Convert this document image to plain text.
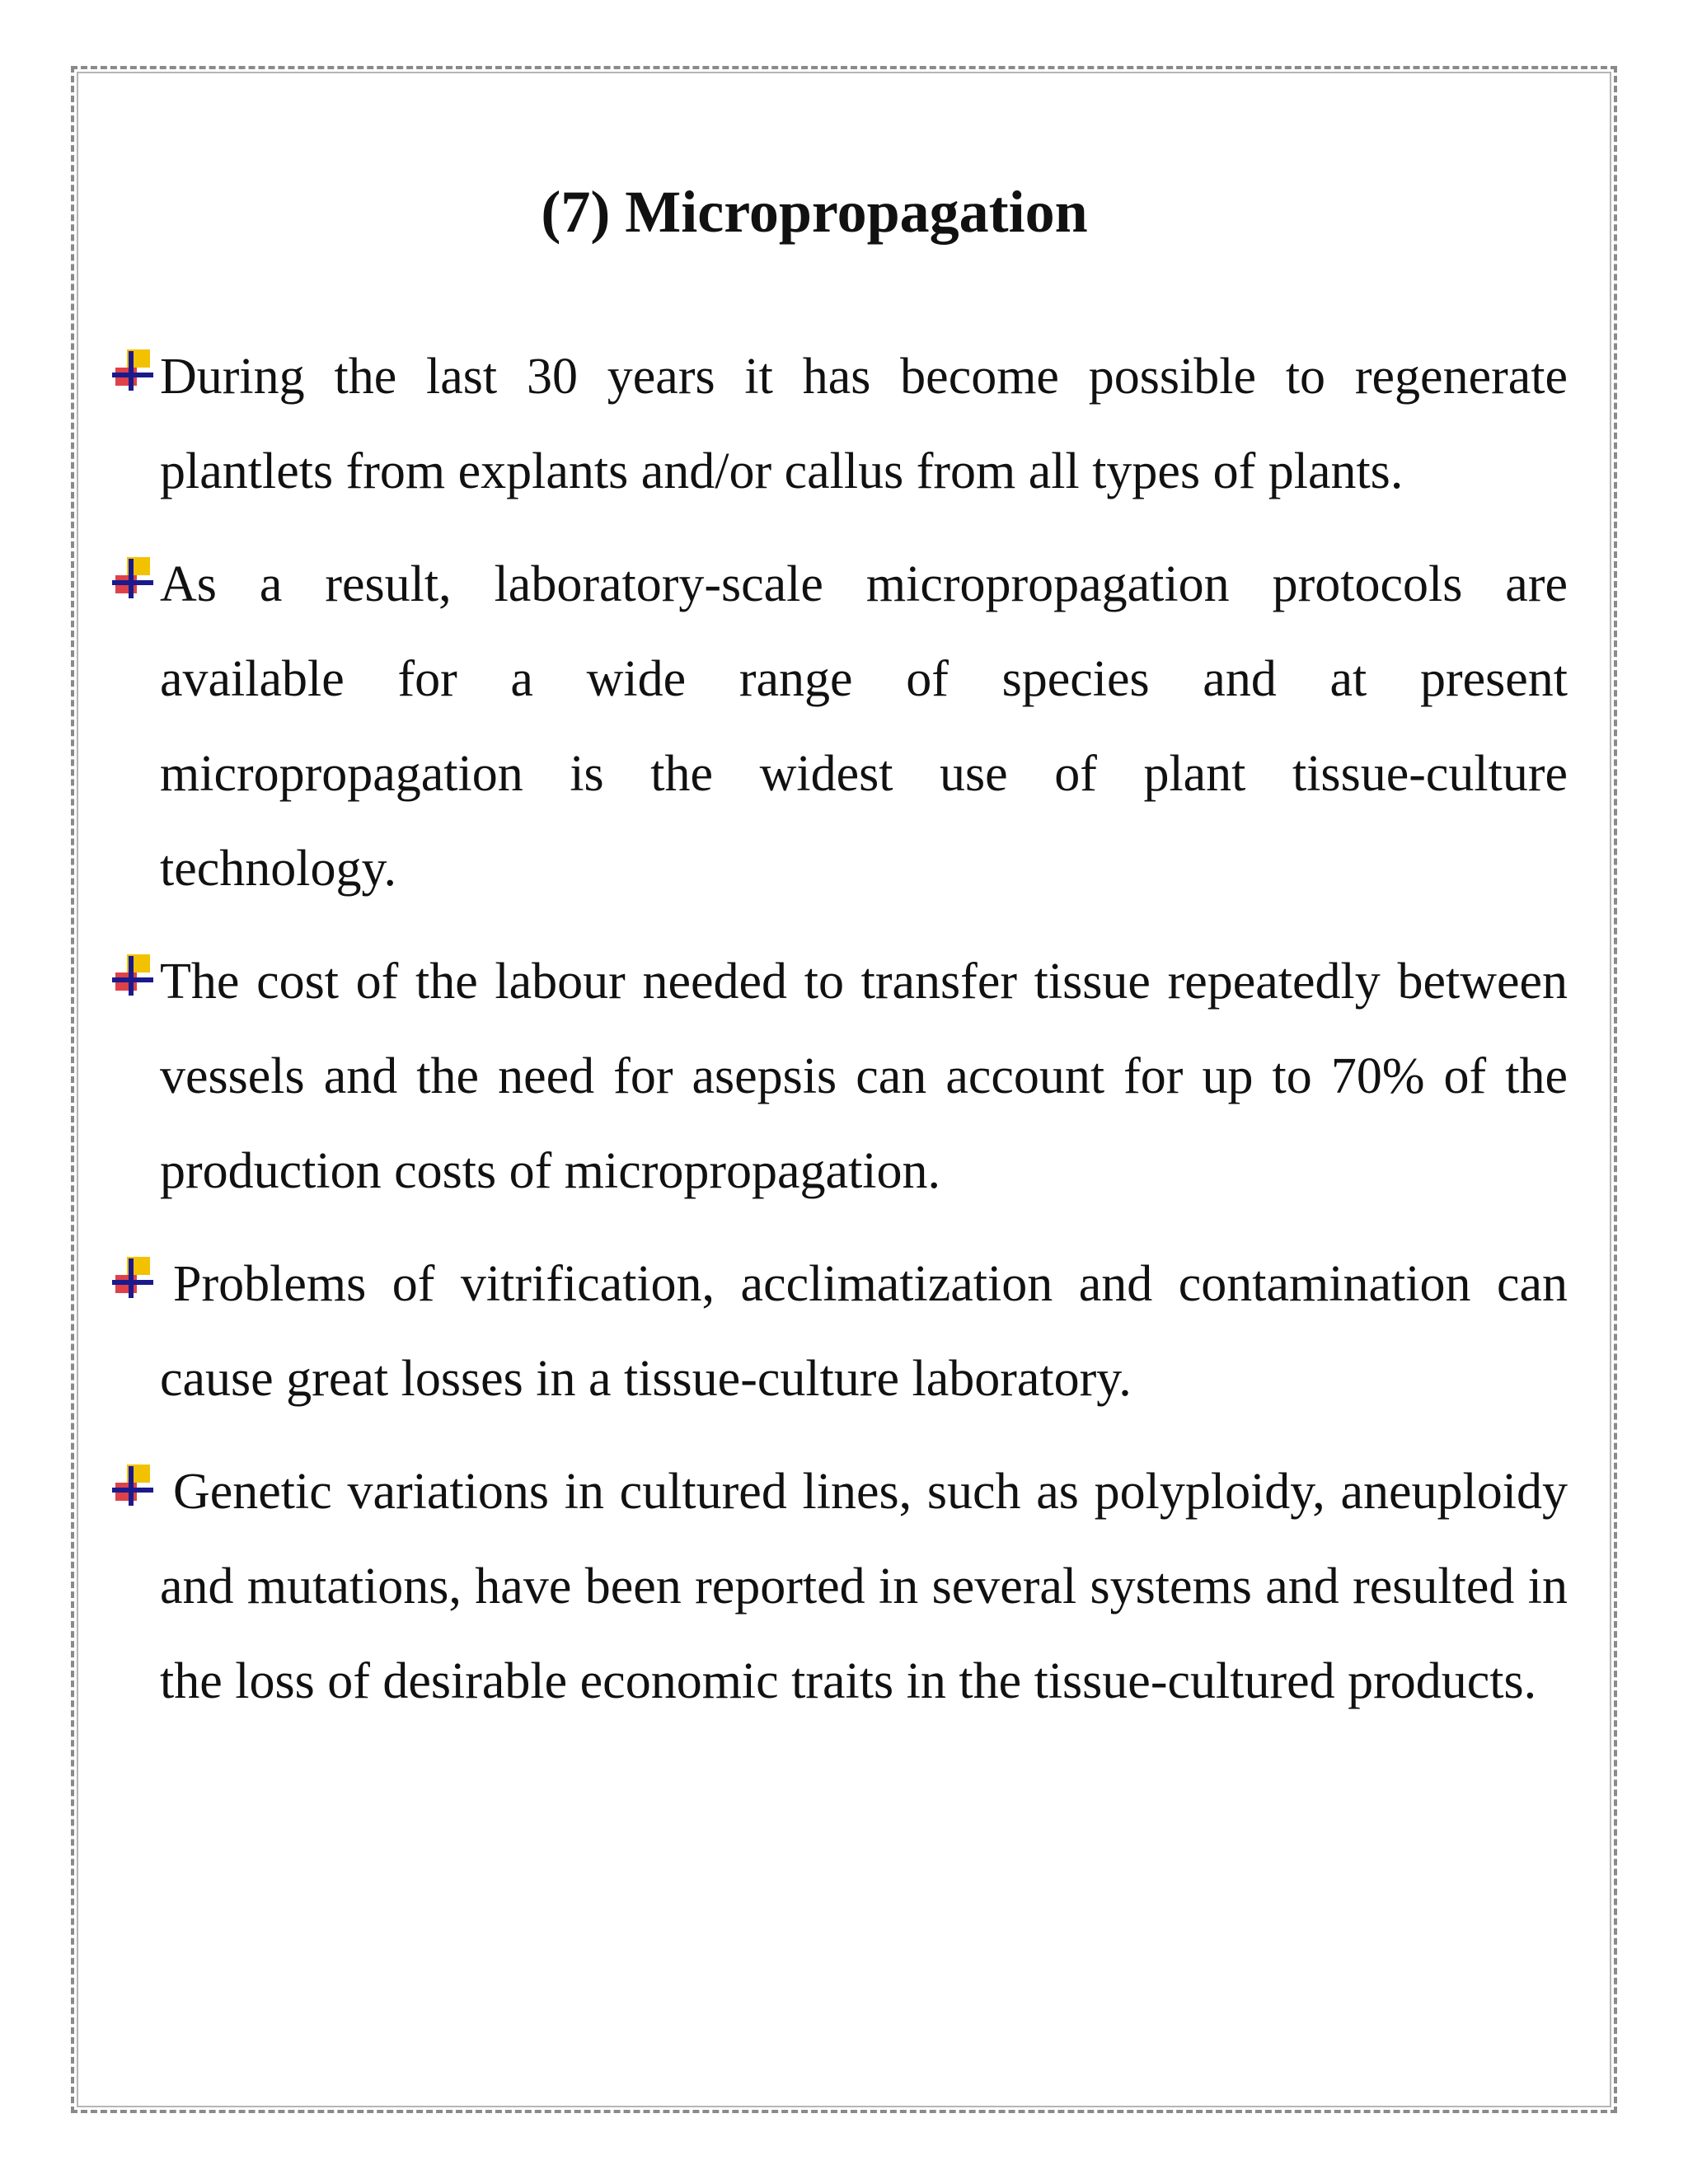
(7) Micropropagation
During the last 30 years it has become possible to regenerate plantlets from explants and/or callus from all types of plants.
As a result, laboratory-scale micropropagation protocols are available for a wide range of species and at present micropropagation is the widest use of plant tissue-culture technology.
The cost of the labour needed to transfer tissue repeatedly between vessels and the need for asepsis can account for up to 70% of the production costs of micropropagation.
Problems of vitrification, acclimatization and contamination can cause great losses in a tissue-culture laboratory.
Genetic variations in cultured lines, such as polyploidy, aneuploidy and mutations, have been reported in several systems and resulted in the loss of desirable economic traits in the tissue-cultured products.
